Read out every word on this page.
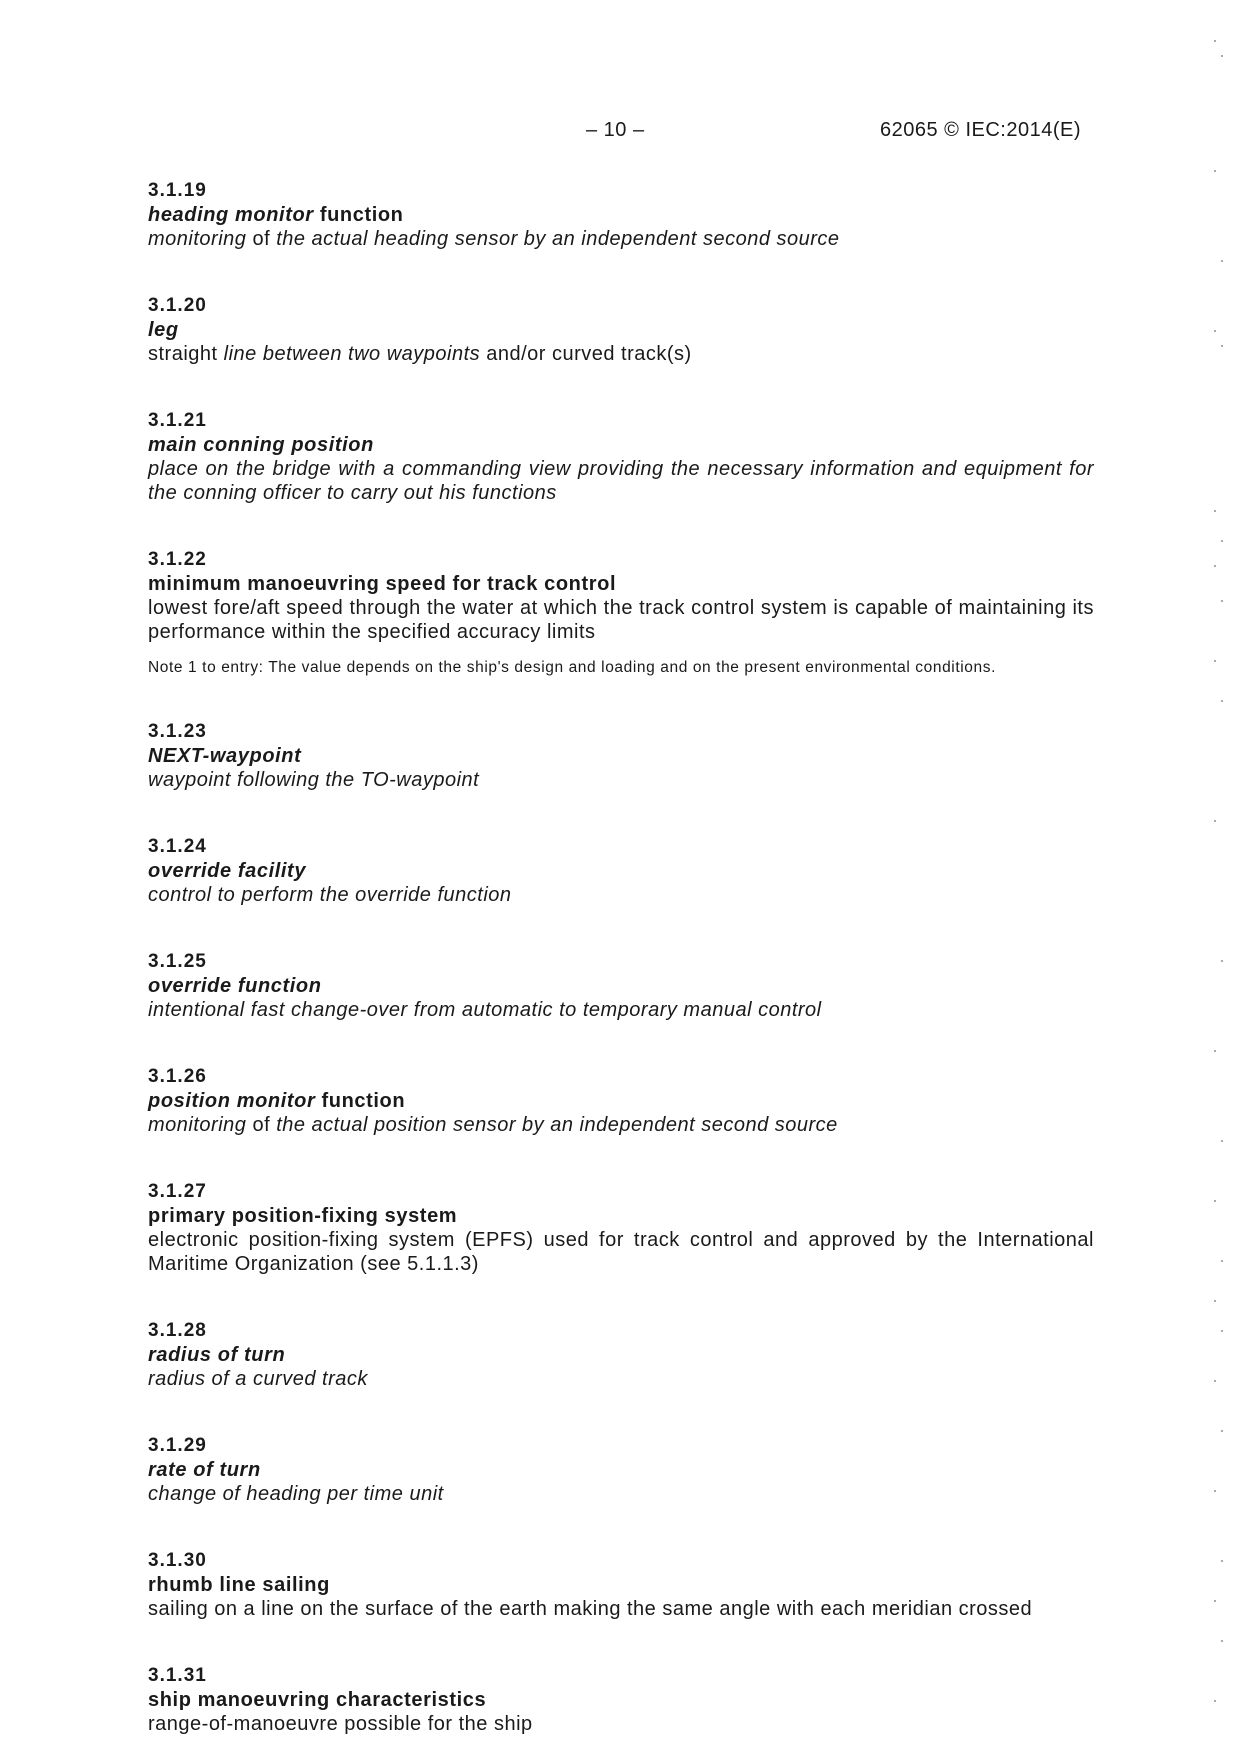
– 10 –	62065 © IEC:2014(E)
3.1.19
heading monitor function
monitoring of the actual heading sensor by an independent second source
3.1.20
leg
straight line between two waypoints and/or curved track(s)
3.1.21
main conning position
place on the bridge with a commanding view providing the necessary information and equipment for the conning officer to carry out his functions
3.1.22
minimum manoeuvring speed for track control
lowest fore/aft speed through the water at which the track control system is capable of maintaining its performance within the specified accuracy limits
Note 1 to entry: The value depends on the ship's design and loading and on the present environmental conditions.
3.1.23
NEXT-waypoint
waypoint following the TO-waypoint
3.1.24
override facility
control to perform the override function
3.1.25
override function
intentional fast change-over from automatic to temporary manual control
3.1.26
position monitor function
monitoring of the actual position sensor by an independent second source
3.1.27
primary position-fixing system
electronic position-fixing system (EPFS) used for track control and approved by the International Maritime Organization (see 5.1.1.3)
3.1.28
radius of turn
radius of a curved track
3.1.29
rate of turn
change of heading per time unit
3.1.30
rhumb line sailing
sailing on a line on the surface of the earth making the same angle with each meridian crossed
3.1.31
ship manoeuvring characteristics
range-of-manoeuvre possible for the ship
